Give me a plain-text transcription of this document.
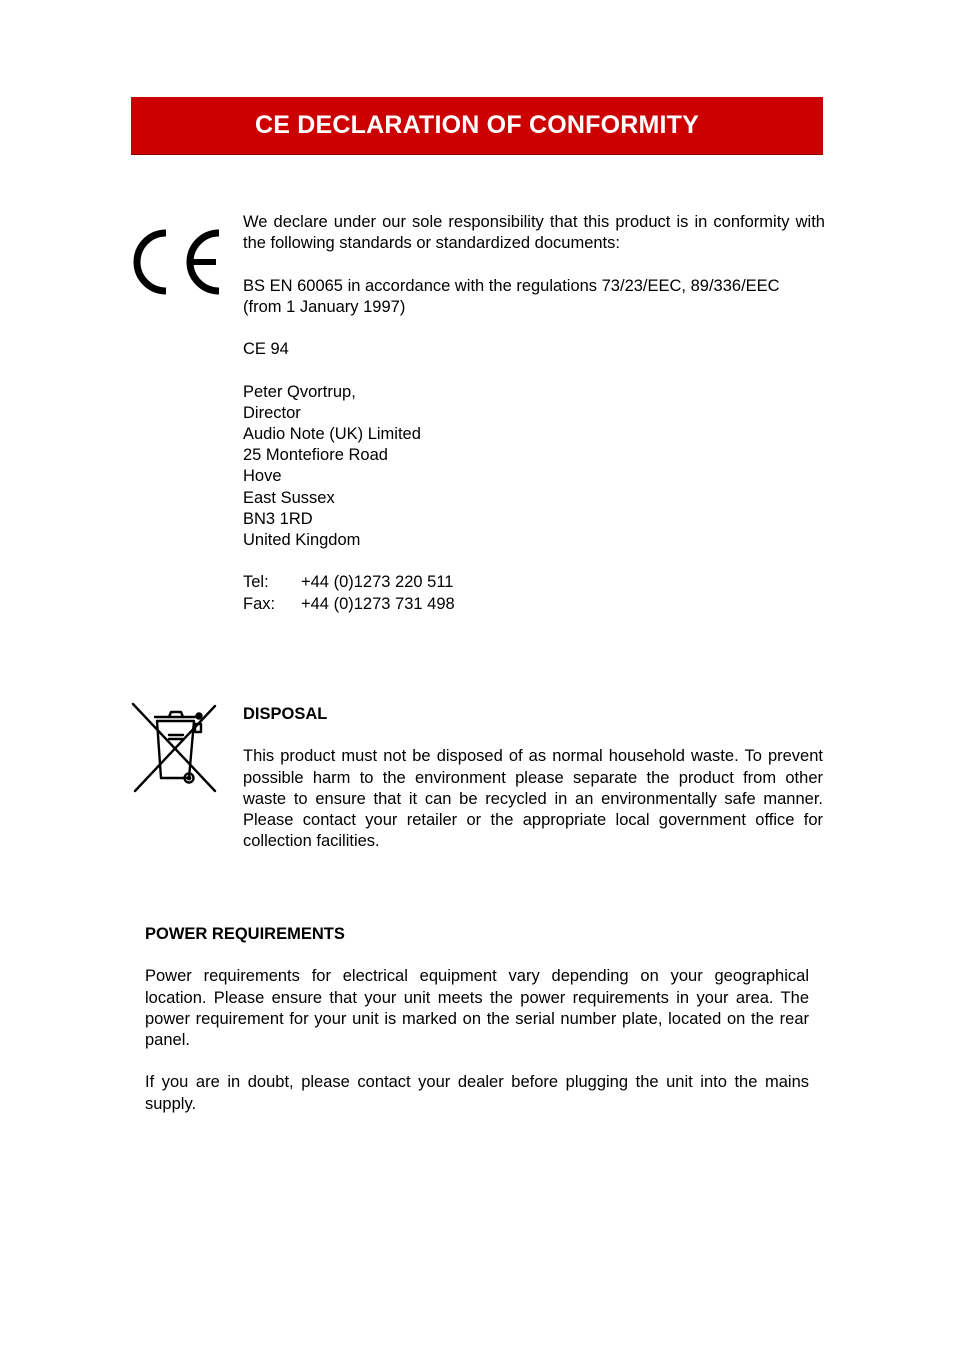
CE DECLARATION OF CONFORMITY
We declare under our sole responsibility that this product is in conformity with the following standards or standardized documents:
BS EN 60065 in accordance with the regulations 73/23/EEC, 89/336/EEC
(from 1 January 1997)
CE 94
Peter Qvortrup,
Director
Audio Note (UK) Limited
25 Montefiore Road
Hove
East Sussex
BN3 1RD
United Kingdom
Tel:	+44 (0)1273 220 511
Fax:	+44 (0)1273 731 498
DISPOSAL
This product must not be disposed of as normal household waste. To prevent possible harm to the environment please separate the product from other waste to ensure that it can be recycled in an environmentally safe manner. Please contact your retailer or the appropriate local government office for collection facilities.
POWER REQUIREMENTS
Power requirements for electrical equipment vary depending on your geographical location. Please ensure that your unit meets the power requirements in your area. The power requirement for your unit is marked on the serial number plate, located on the rear panel.
If you are in doubt, please contact your dealer before plugging the unit into the mains supply.
